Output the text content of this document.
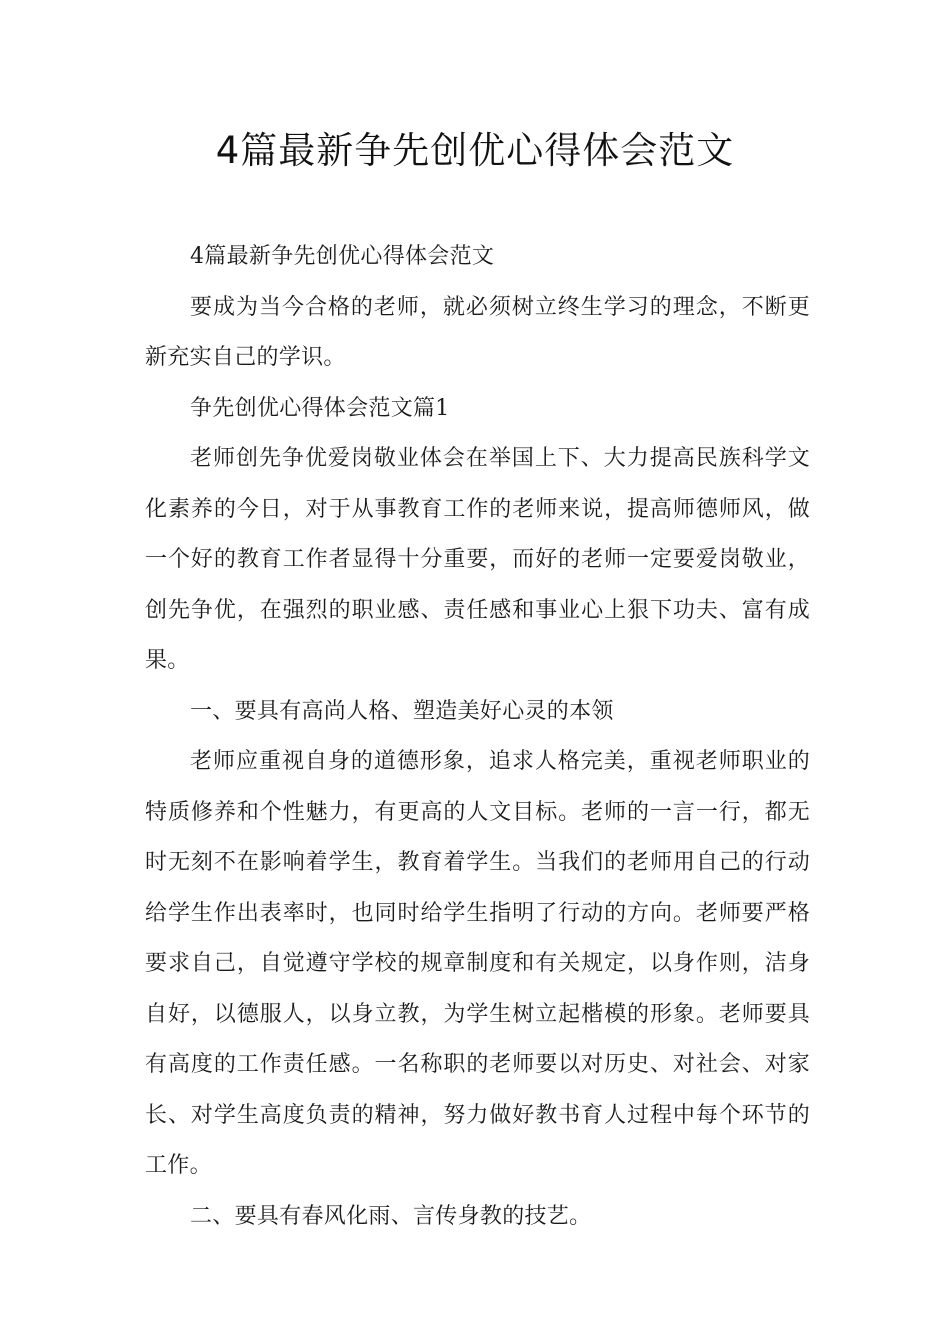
4篇最新争先创优心得体会范文

4篇最新争先创优心得体会范文

要成为当今合格的老师，就必须树立终生学习的理念，不断更新充实自己的学识。

争先创优心得体会范文篇1

老师创先争优爱岗敬业体会在举国上下、大力提高民族科学文化素养的今日，对于从事教育工作的老师来说，提高师德师风，做一个好的教育工作者显得十分重要，而好的老师一定要爱岗敬业，创先争优，在强烈的职业感、责任感和事业心上狠下功夫、富有成果。

一、要具有高尚人格、塑造美好心灵的本领

老师应重视自身的道德形象，追求人格完美，重视老师职业的特质修养和个性魅力，有更高的人文目标。老师的一言一行，都无时无刻不在影响着学生，教育着学生。当我们的老师用自己的行动给学生作出表率时，也同时给学生指明了行动的方向。老师要严格要求自己，自觉遵守学校的规章制度和有关规定，以身作则，洁身自好，以德服人，以身立教，为学生树立起楷模的形象。老师要具有高度的工作责任感。一名称职的老师要以对历史、对社会、对家长、对学生高度负责的精神，努力做好教书育人过程中每个环节的工作。

二、要具有春风化雨、言传身教的技艺。
